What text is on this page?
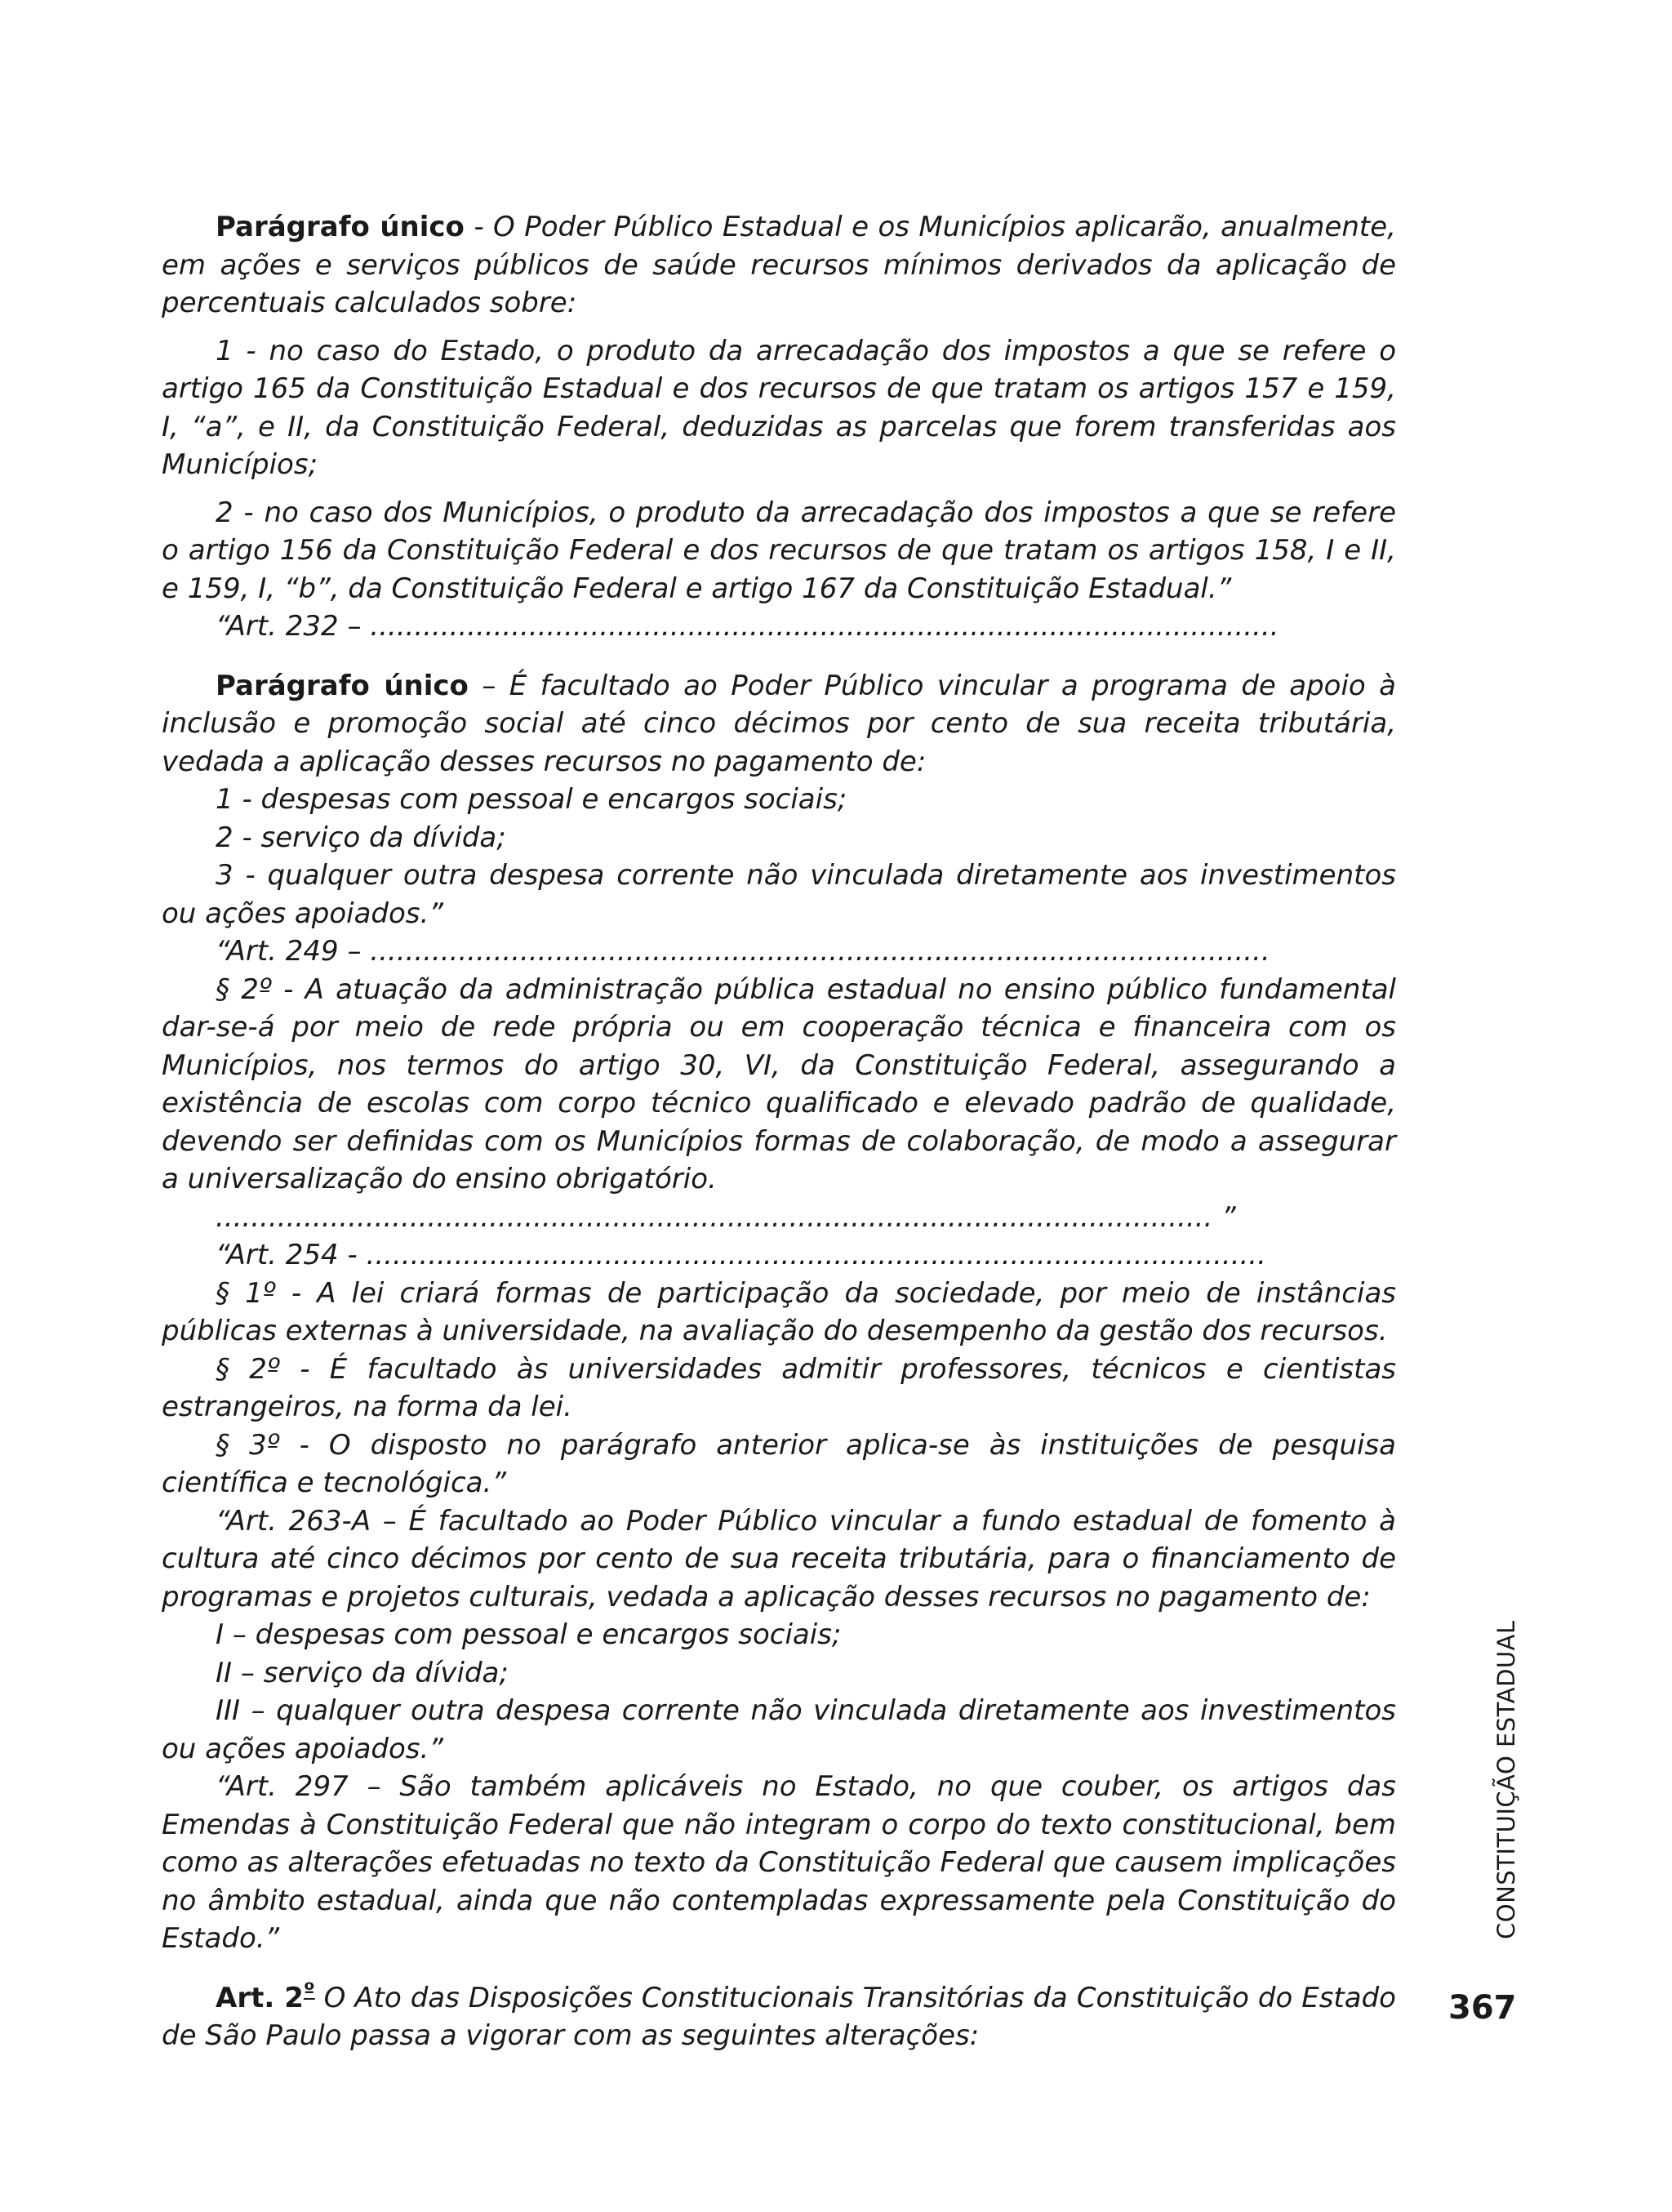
Parágrafo único - O Poder Público Estadual e os Municípios aplicarão, anualmente, em ações e serviços públicos de saúde recursos mínimos derivados da aplicação de percentuais calculados sobre:

1 - no caso do Estado, o produto da arrecadação dos impostos a que se refere o artigo 165 da Constituição Estadual e dos recursos de que tratam os artigos 157 e 159, I, “a”, e II, da Constituição Federal, deduzidas as parcelas que forem transferidas aos Municípios;

2 - no caso dos Municípios, o produto da arrecadação dos impostos a que se refere o artigo 156 da Constituição Federal e dos recursos de que tratam os artigos 158, I e II, e 159, I, “b”, da Constituição Federal e artigo 167 da Constituição Estadual.”

“Art. 232 – .......................................................................................................

Parágrafo único – É facultado ao Poder Público vincular a programa de apoio à inclusão e promoção social até cinco décimos por cento de sua receita tributária, vedada a aplicação desses recursos no pagamento de:

1 - despesas com pessoal e encargos sociais;

2 - serviço da dívida;

3 - qualquer outra despesa corrente não vinculada diretamente aos investimentos ou ações apoiados.”

“Art. 249 – ......................................................................................................

§ 2º - A atuação da administração pública estadual no ensino público fundamental dar-se-á por meio de rede própria ou em cooperação técnica e financeira com os Municípios, nos termos do artigo 30, VI, da Constituição Federal, assegurando a existência de escolas com corpo técnico qualificado e elevado padrão de qualidade, devendo ser definidas com os Municípios formas de colaboração, de modo a assegurar a universalização do ensino obrigatório.

................................................................................................................. ”

“Art. 254 - ......................................................................................................

§ 1º - A lei criará formas de participação da sociedade, por meio de instâncias públicas externas à universidade, na avaliação do desempenho da gestão dos recursos.

§ 2º - É facultado às universidades admitir professores, técnicos e cientistas estrangeiros, na forma da lei.

§ 3º - O disposto no parágrafo anterior aplica-se às instituições de pesquisa científica e tecnológica.”

“Art. 263-A – É facultado ao Poder Público vincular a fundo estadual de fomento à cultura até cinco décimos por cento de sua receita tributária, para o financiamento de programas e projetos culturais, vedada a aplicação desses recursos no pagamento de:

I – despesas com pessoal e encargos sociais;

II – serviço da dívida;

III – qualquer outra despesa corrente não vinculada diretamente aos investimentos ou ações apoiados.”

“Art. 297 – São também aplicáveis no Estado, no que couber, os artigos das Emendas à Constituição Federal que não integram o corpo do texto constitucional, bem como as alterações efetuadas no texto da Constituição Federal que causem implicações no âmbito estadual, ainda que não contempladas expressamente pela Constituição do Estado.”

Art. $2^º$ O Ato das Disposições Constitucionais Transitórias da Constituição do Estado de São Paulo passa a vigorar com as seguintes alterações:

CONSTITUIÇÃO ESTADUAL
367
